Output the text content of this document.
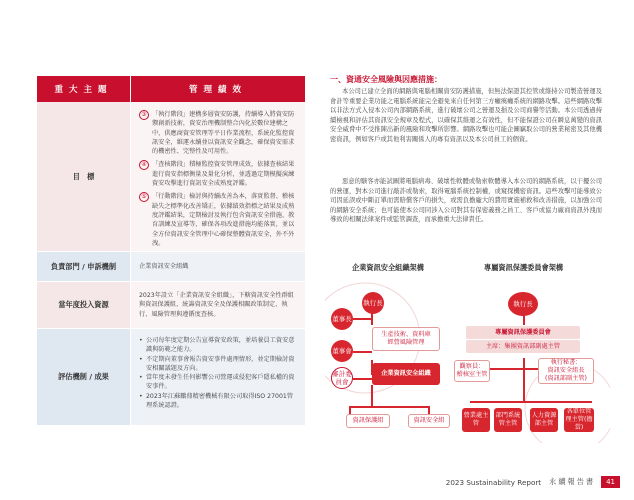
重大主題	管理績效
目　標
③ 「執行階段」建構多層資安防護，持續導入將資安防禦創新技術，資安治理機制整合內化於數位建構之中，供應商資安管理等平日作業流程，系統化監控資訊安全，維運永續並以資訊安全觀念，確保資安需求的機密性、完整性及可用性。
④ 「查核階段」積極監控資安管理成效，依據查核結果進行資安指標衡量及量化分析，並透過定期模擬演練資安攻擊進行資訊安全成熟度評鑑。
⑤ 「行動階段」檢討與持續改善為本，落實監督、稽核缺失之標準化改善矯正，依據績效指標之結果及成熟度評鑑結果，定期檢討及執行包含資訊安全措施、教育訓練及宣導等，確保各項改進措施均能落實，並以全方位資訊安全管理中心確保整體資訊安全，外不外洩。
負責部門 / 申訴機制	企業資訊安全組織
當年度投入資源
2023年設立「企業資訊安全組織」，下轄資訊安全性群組與資訊保護組，統籌資訊安全及保護相關政策制定、執行、風險管理與遵循度查核。
評估機制 / 成果
• 公司每年度定期公告宣導資安政策，並培養員工資安意識與防範之能力。
• 不定期向董事會報告資安事件處理情形，並定期檢討資安相關議題及方向。
• 當年度未發生任何影響公司營運或侵犯客戶隱私權的資安事件。
• 2023年江蘇鵬鼎精密機械有限公司取得ISO 27001管理系統認證。
一、資通安全風險與因應措施：
本公司已建立全面的網路與電腦相關資安防護措施，但無法保證其控管或維持公司製造營運及會計等重要企業功能之電腦系統能完全避免來自任何第三方癱瘓癱系統的網路攻擊。這些網路攻擊以非法方式入侵本公司內部網路系統，進行破壞公司之營運及損及公司商譽等活動。本公司透過持續檢視和評估其資訊安全規章及程式，以確保其維運之有效性，但不能保證公司在瞬息萬變的資訊安全威脅中不受推陳出新的風險和攻擊所影響。網路攻擊也可能企圖竊取公司的營業秘密及其他機密資訊，例如客戶或其他利害關係人的專有資訊以及本公司員工的個資。
惡意的駭客亦能試圖將電腦病毒、破壞性軟體或勒索軟體導入本公司的網路系統，以干擾公司的營運，對本公司進行敲詐或勒索，取得電腦系統控制權，或窺探機密資訊。這些攻擊可能導致公司因延誤或中斷訂單而需賠償客戶的損失，或需負擔龐大的費用實施補救和改善措施，以加強公司的網路安全系統；也可能使本公司同涉入公司對其有保密義務之員工、客戶或協力廠商資訊外洩而導致的相關法律案件或監管調查，而承擔重大法律責任。
企業資訊安全組織架構
執行長
董事長
董事會
審計委員會
生產技術、資料庫
經營風險管理
企業資訊安全組織
資訊保護組	資訊安全組
專屬資訊保護委員會架構
執行長
專屬資訊保護委員會
主席：集團資訊部副處主管
觀察員：
稽核室主管
執行秘書：
資訊安全組長
(資訊部副主管)
營業處主管
部門系統管主管
人力資源部主管
各單位管理主管(擔當)
2023 Sustainability Report 永續報告書	41
